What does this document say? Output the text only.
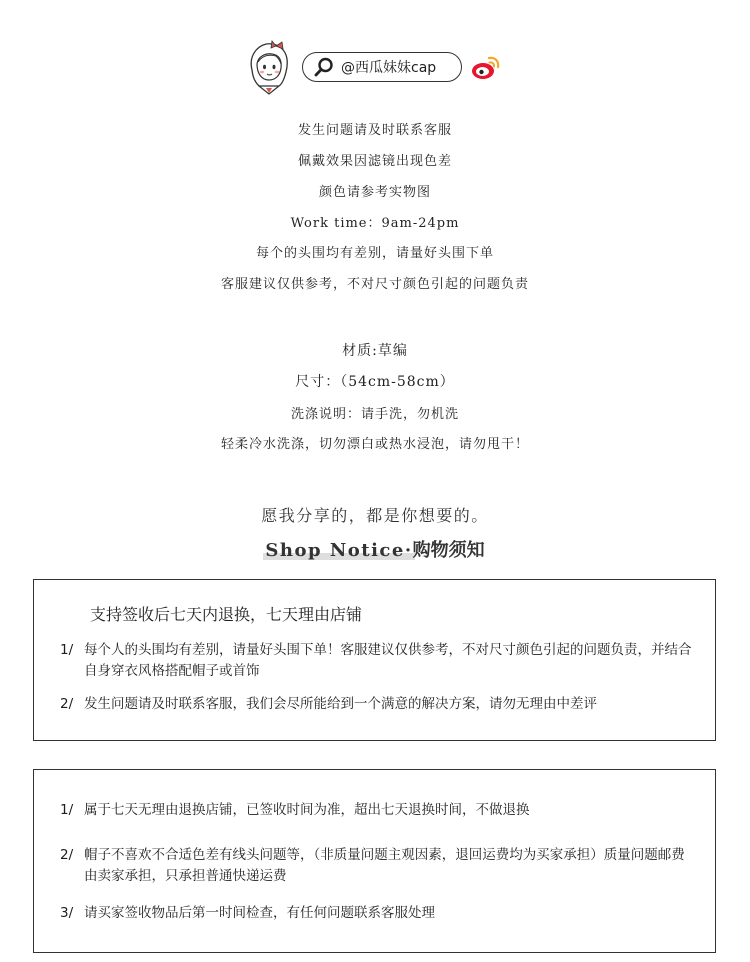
@西瓜妹妹cap
发生问题请及时联系客服
佩戴效果因滤镜出现色差
颜色请参考实物图
Work time：9am-24pm
每个的头围均有差别，请量好头围下单
客服建议仅供参考，不对尺寸颜色引起的问题负责
材质:草编
尺寸：（54cm-58cm）
洗涤说明：请手洗，勿机洗
轻柔冷水洗涤，切勿漂白或热水浸泡，请勿甩干！
愿我分享的，都是你想要的。
Shop Notice·购物须知
支持签收后七天内退换，七天理由店铺
1/ 每个人的头围均有差别，请量好头围下单！客服建议仅供参考，不对尺寸颜色引起的问题负责，并结合自身穿衣风格搭配帽子或首饰
2/ 发生问题请及时联系客服，我们会尽所能给到一个满意的解决方案，请勿无理由中差评
1/ 属于七天无理由退换店铺，已签收时间为准，超出七天退换时间，不做退换
2/ 帽子不喜欢不合适色差有线头问题等，（非质量问题主观因素，退回运费均为买家承担）质量问题邮费由卖家承担，只承担普通快递运费
3/ 请买家签收物品后第一时间检查，有任何问题联系客服处理
